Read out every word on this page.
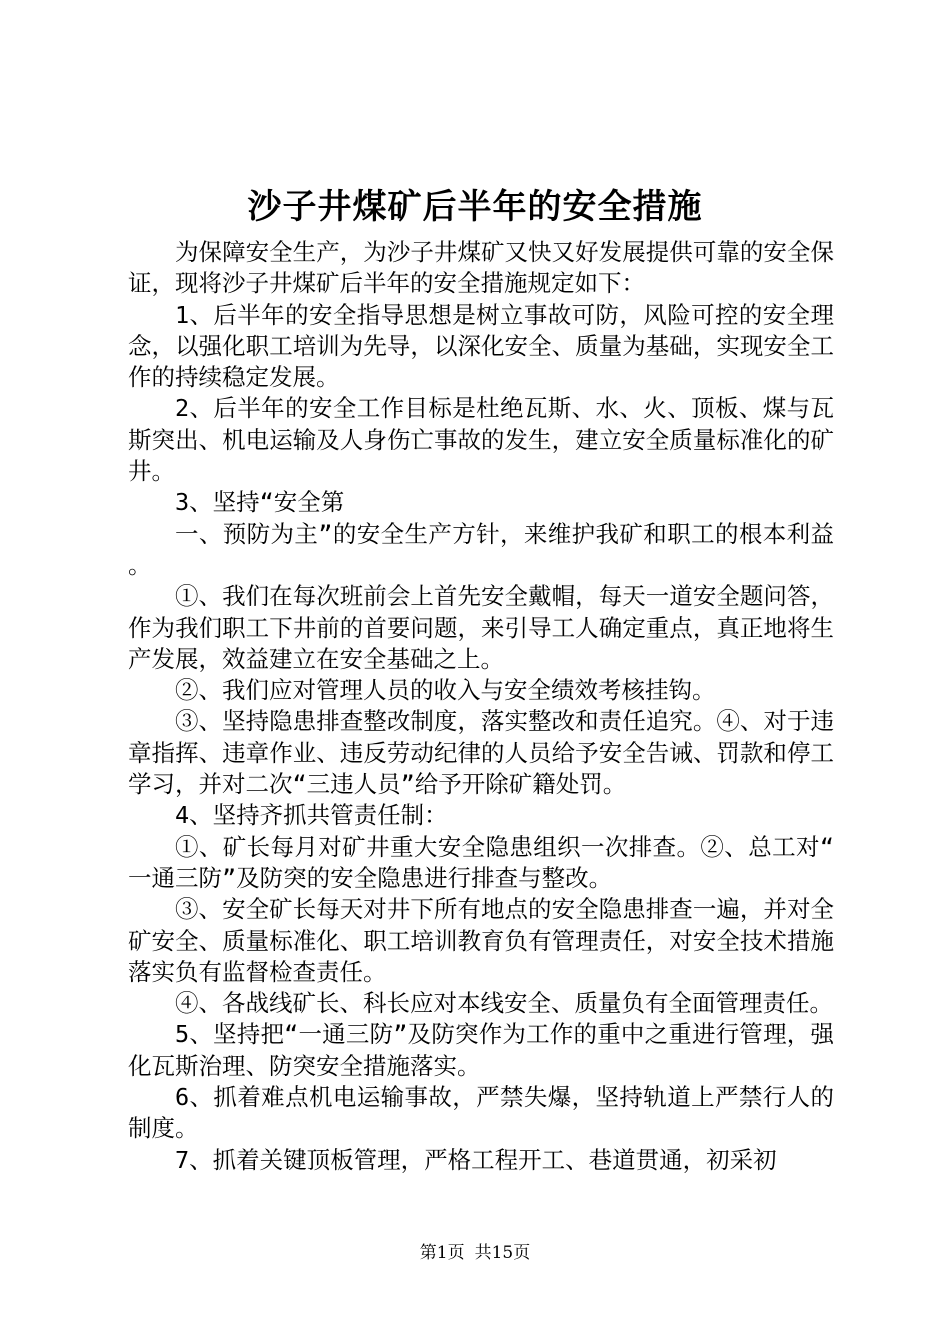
沙子井煤矿后半年的安全措施

为保障安全生产，为沙子井煤矿又快又好发展提供可靠的安全保证，现将沙子井煤矿后半年的安全措施规定如下：

1、后半年的安全指导思想是树立事故可防，风险可控的安全理念，以强化职工培训为先导，以深化安全、质量为基础，实现安全工作的持续稳定发展。

2、后半年的安全工作目标是杜绝瓦斯、水、火、顶板、煤与瓦斯突出、机电运输及人身伤亡事故的发生，建立安全质量标准化的矿井。

3、坚持“安全第

一、预防为主”的安全生产方针，来维护我矿和职工的根本利益。

①、我们在每次班前会上首先安全戴帽，每天一道安全题问答，作为我们职工下井前的首要问题，来引导工人确定重点，真正地将生产发展，效益建立在安全基础之上。

②、我们应对管理人员的收入与安全绩效考核挂钩。

③、坚持隐患排查整改制度，落实整改和责任追究。④、对于违章指挥、违章作业、违反劳动纪律的人员给予安全告诫、罚款和停工学习，并对二次“三违人员”给予开除矿籍处罚。

4、坚持齐抓共管责任制：

①、矿长每月对矿井重大安全隐患组织一次排查。②、总工对“一通三防”及防突的安全隐患进行排查与整改。

③、安全矿长每天对井下所有地点的安全隐患排查一遍，并对全矿安全、质量标准化、职工培训教育负有管理责任，对安全技术措施落实负有监督检查责任。

④、各战线矿长、科长应对本线安全、质量负有全面管理责任。

5、坚持把“一通三防”及防突作为工作的重中之重进行管理，强化瓦斯治理、防突安全措施落实。

6、抓着难点机电运输事故，严禁失爆，坚持轨道上严禁行人的制度。

7、抓着关键顶板管理，严格工程开工、巷道贯通，初采初

第1页 共15页
